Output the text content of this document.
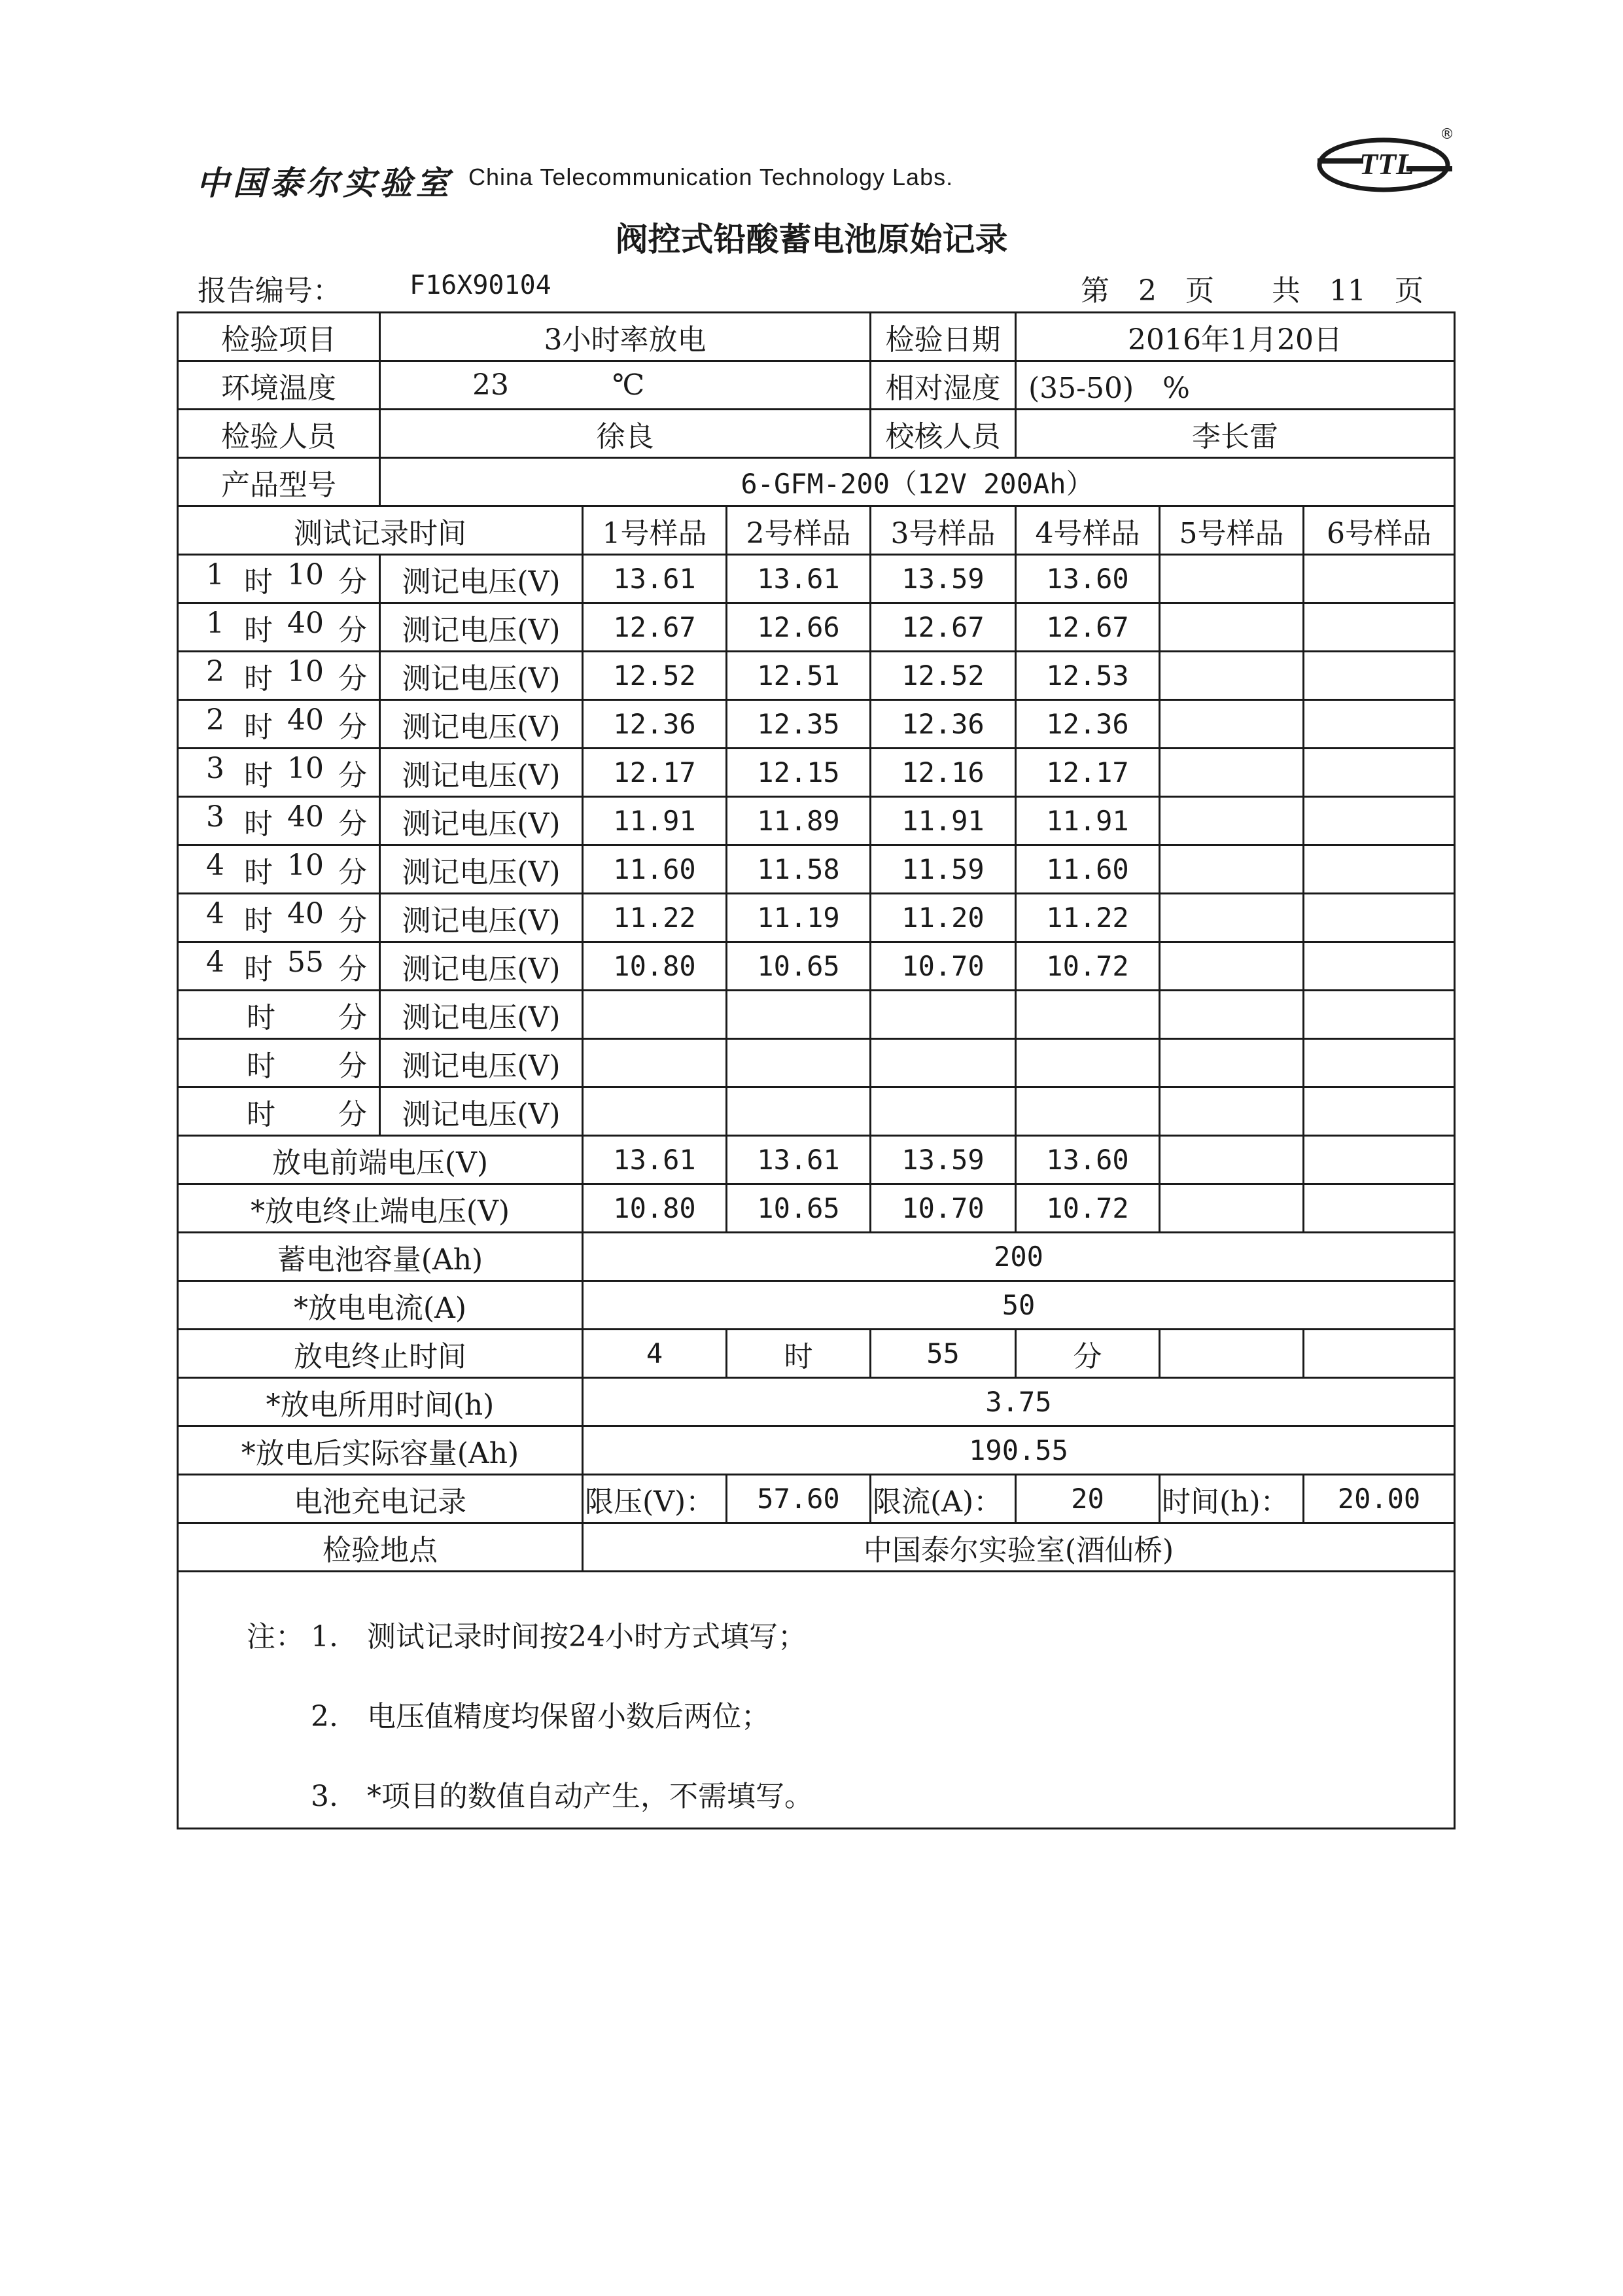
中国泰尔实验室 China Telecommunication Technology Labs.	TTL
®
阀控式铅酸蓄电池原始记录
报告编号：	F16X90104	第　2　页　　共　11　页
检验项目	3小时率放电			检验日期	2016年1月20日		
环境温度	23 ℃			相对湿度	(35-50)　%		
检验人员	徐良			校核人员	李长雷		
产品型号	6-GFM-200（12V 200Ah）						
测试记录时间		1号样品	2号样品	3号样品	4号样品	5号样品	6号样品

1 时 10 分	测记电压(V)	13.61	13.61	13.59	13.60		

1 时 40 分	测记电压(V)	12.67	12.66	12.67	12.67		

2 时 10 分	测记电压(V)	12.52	12.51	12.52	12.53		

2 时 40 分	测记电压(V)	12.36	12.35	12.36	12.36		

3 时 10 分	测记电压(V)	12.17	12.15	12.16	12.17		

3 时 40 分	测记电压(V)	11.91	11.89	11.91	11.91		

4 时 10 分	测记电压(V)	11.60	11.58	11.59	11.60		

4 时 40 分	测记电压(V)	11.22	11.19	11.20	11.22		

4 时 55 分	测记电压(V)	10.80	10.65	10.70	10.72		

时 分	测记电压(V)						

时 分	测记电压(V)						

时 分	测记电压(V)						
放电前端电压(V)		13.61	13.61	13.59	13.60		
*放电终止端电压(V)		10.80	10.65	10.70	10.72		
蓄电池容量(Ah)		200					
*放电电流(A)		50					
放电终止时间		4	时	55	分		
*放电所用时间(h)		3.75					
*放电后实际容量(Ah)		190.55					
电池充电记录		限压(V)：	57.60	限流(A)：	20	时间(h)：	20.00
检验地点		中国泰尔实验室(酒仙桥)					

注： 1.　测试记录时间按24小时方式填写；
2.　电压值精度均保留小数后两位；
3.　*项目的数值自动产生，不需填写。							
